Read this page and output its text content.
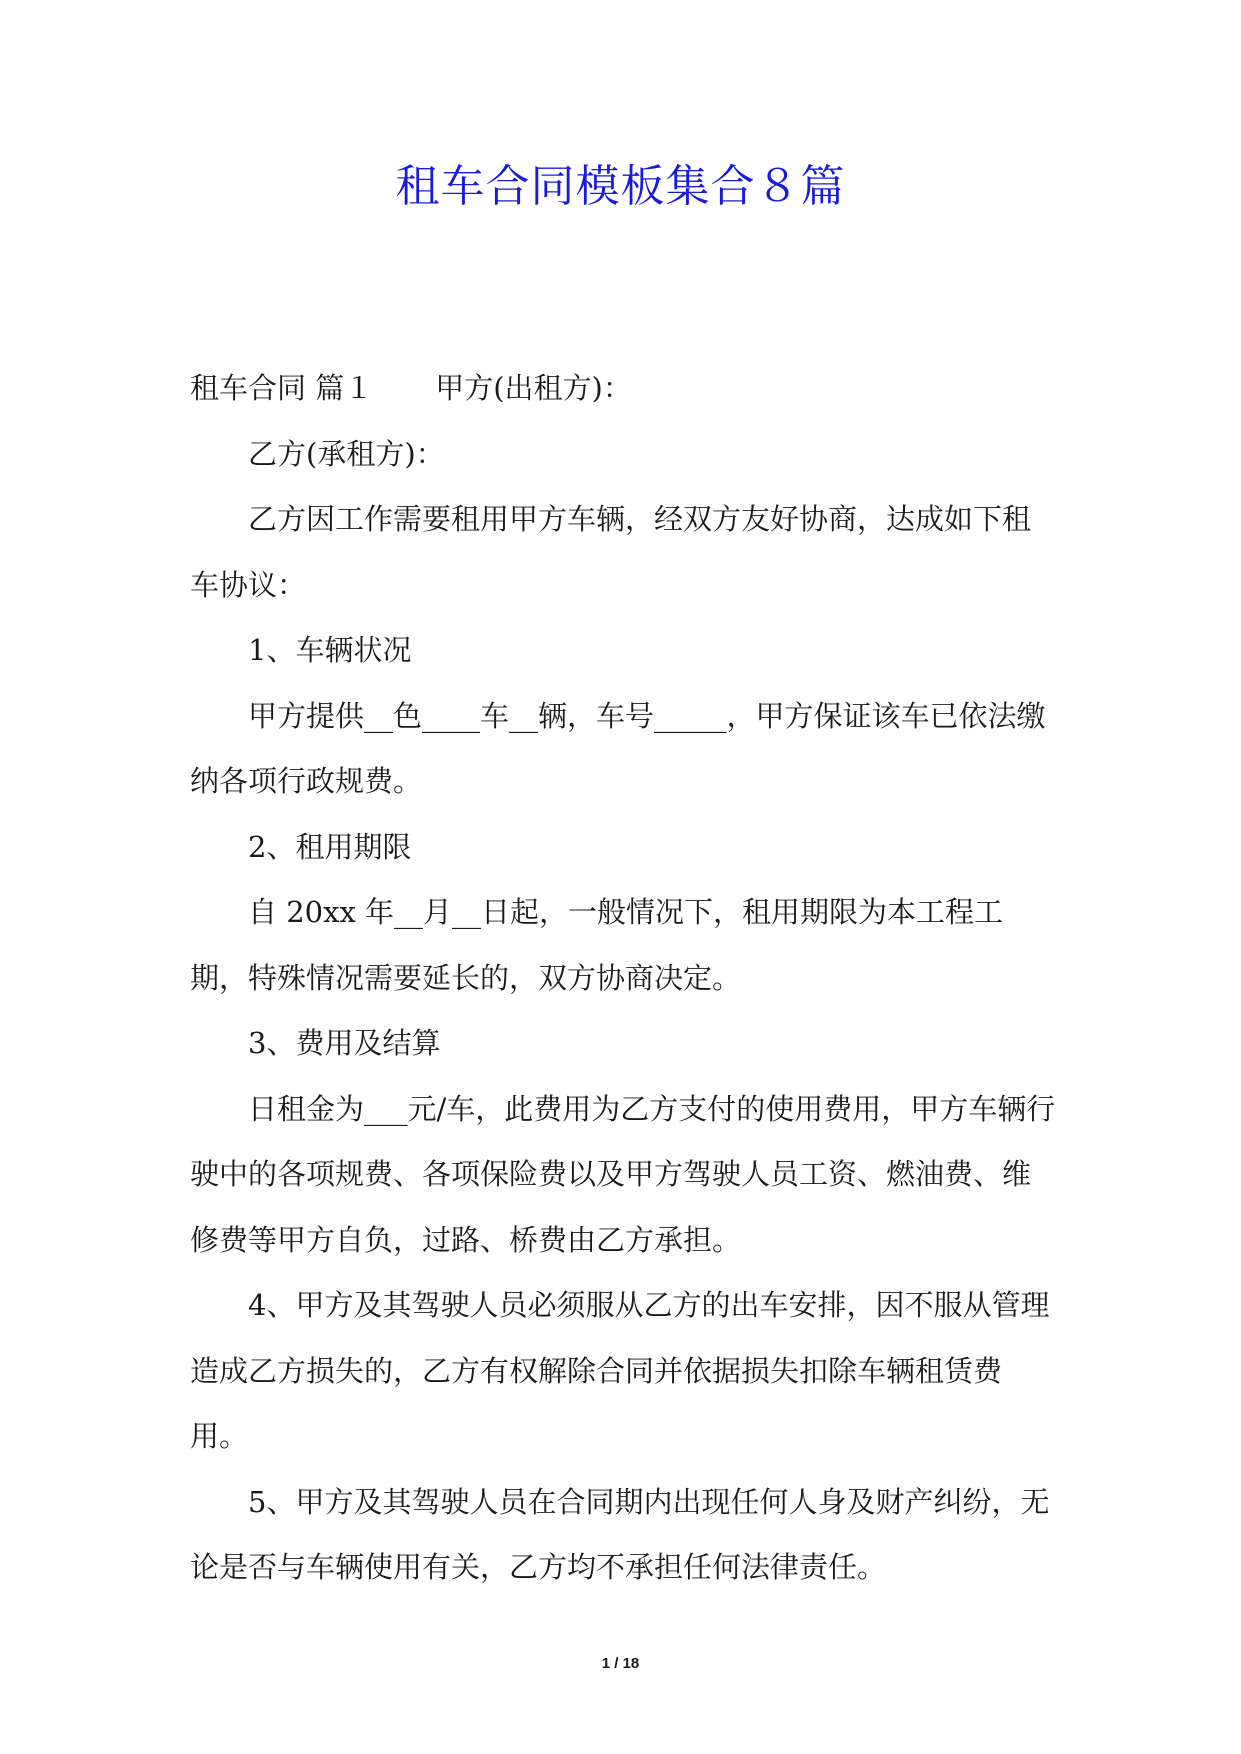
租车合同模板集合８篇

租车合同 篇１ 甲方(出租方)：

乙方(承租方)：

乙方因工作需要租用甲方车辆，经双方友好协商，达成如下租车协议：

1、车辆状况

甲方提供__色____车__辆，车号_____，甲方保证该车已依法缴纳各项行政规费。

2、租用期限

自 20xx 年__月__日起，一般情况下，租用期限为本工程工期，特殊情况需要延长的，双方协商决定。

3、费用及结算

日租金为___元/车，此费用为乙方支付的使用费用，甲方车辆行驶中的各项规费、各项保险费以及甲方驾驶人员工资、燃油费、维修费等甲方自负，过路、桥费由乙方承担。

4、甲方及其驾驶人员必须服从乙方的出车安排，因不服从管理造成乙方损失的，乙方有权解除合同并依据损失扣除车辆租赁费用。

5、甲方及其驾驶人员在合同期内出现任何人身及财产纠纷，无论是否与车辆使用有关，乙方均不承担任何法律责任。

1 / 18
